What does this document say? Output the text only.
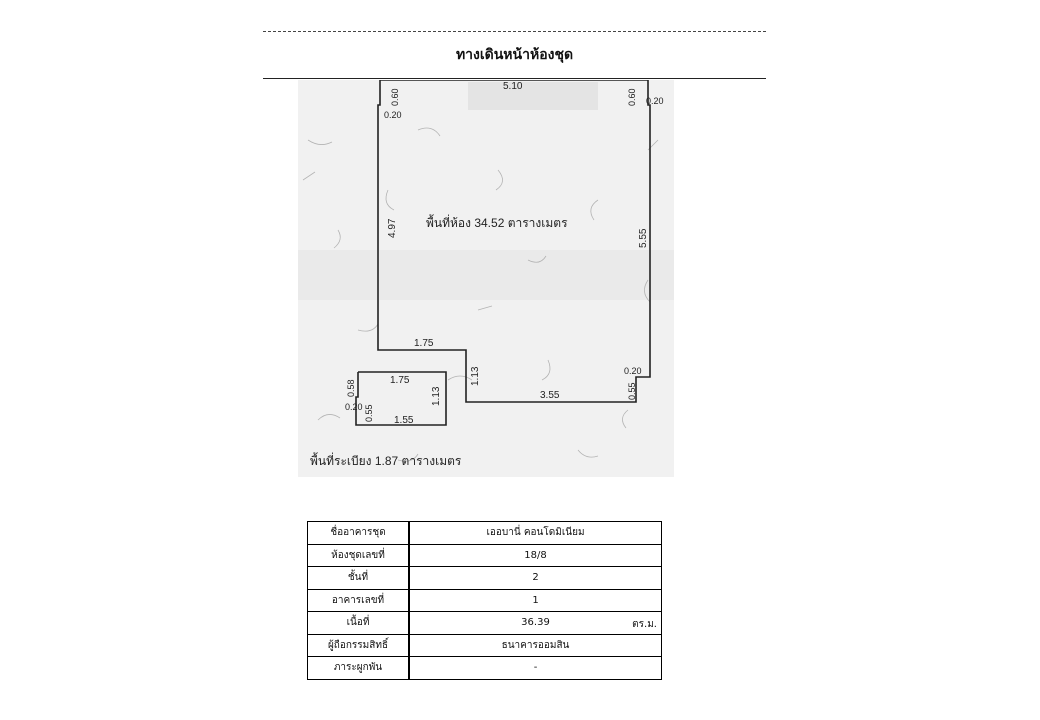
ทางเดินหน้าห้องชุด
5.10
0.60
0.20
0.60 0.20
4.97
5.55
1.75
1.13
3.55
0.20
0.55
พื้นที่ห้อง 34.52 ตารางเมตร
1.75
1.55
1.13
0.58
0.20 0.55
พื้นที่ระเบียง 1.87 ตารางเมตร
ชื่ออาคารชุด	เออบานี่ คอนโดมิเนียม
ห้องชุดเลขที่	18/8
ชั้นที่	2
อาคารเลขที่	1
เนื้อที่	36.39 ตร.ม.

ผู้ถือกรรมสิทธิ์	ธนาคารออมสิน
ภาระผูกพัน	-
